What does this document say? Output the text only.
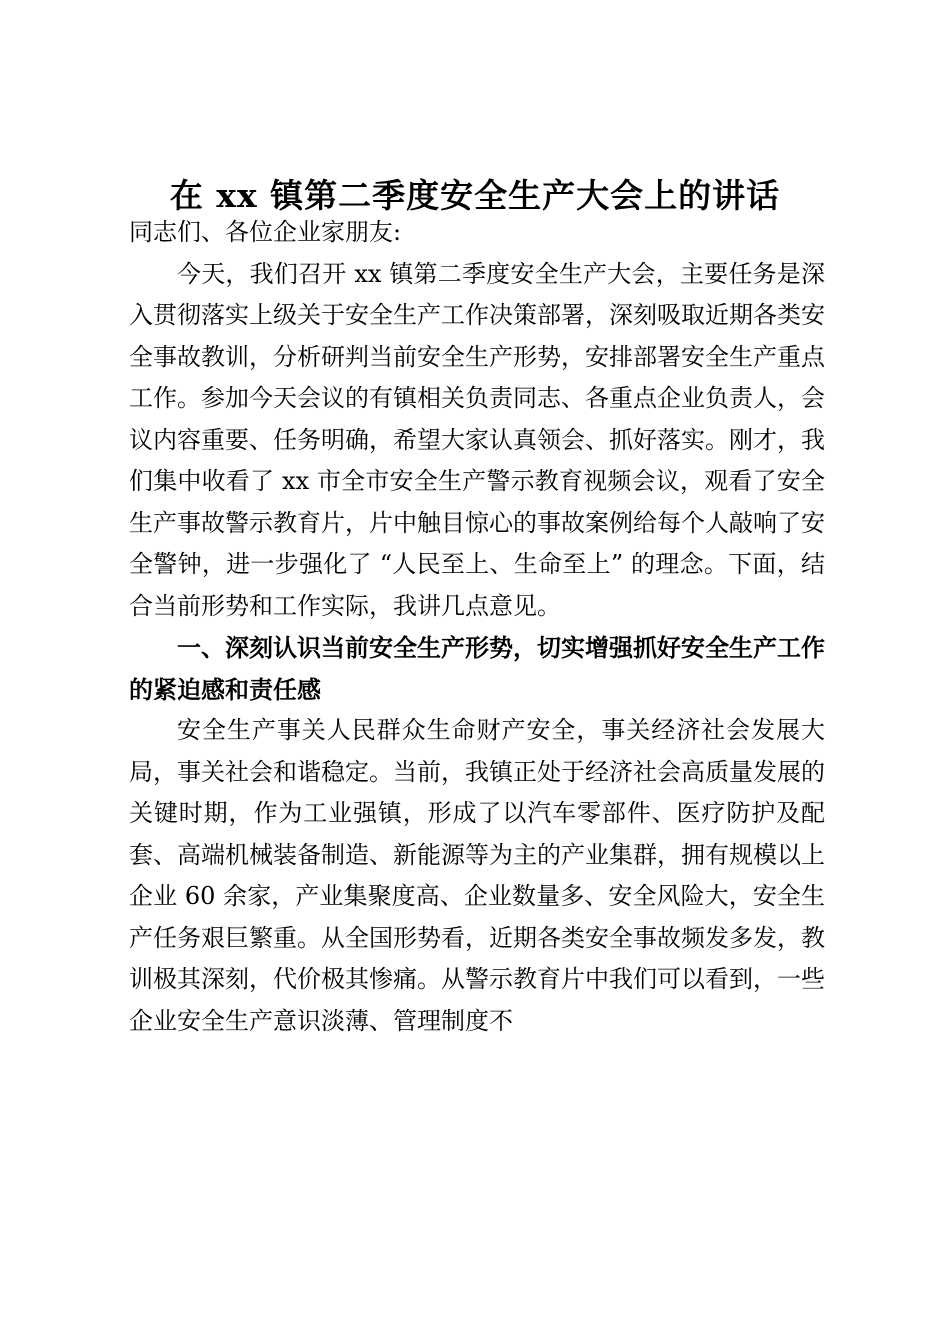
在 xx 镇第二季度安全生产大会上的讲话

同志们、各位企业家朋友:

今天，我们召开 xx 镇第二季度安全生产大会，主要任务是深入贯彻落实上级关于安全生产工作决策部署，深刻吸取近期各类安全事故教训，分析研判当前安全生产形势，安排部署安全生产重点工作。参加今天会议的有镇相关负责同志、各重点企业负责人，会议内容重要、任务明确，希望大家认真领会、抓好落实。刚才，我们集中收看了 xx 市全市安全生产警示教育视频会议，观看了安全生产事故警示教育片，片中触目惊心的事故案例给每个人敲响了安全警钟，进一步强化了 “人民至上、生命至上” 的理念。下面，结合当前形势和工作实际，我讲几点意见。

一、深刻认识当前安全生产形势，切实增强抓好安全生产工作的紧迫感和责任感

安全生产事关人民群众生命财产安全，事关经济社会发展大局，事关社会和谐稳定。当前，我镇正处于经济社会高质量发展的关键时期，作为工业强镇，形成了以汽车零部件、医疗防护及配套、高端机械装备制造、新能源等为主的产业集群，拥有规模以上企业 60 余家，产业集聚度高、企业数量多、安全风险大，安全生产任务艰巨繁重。从全国形势看，近期各类安全事故频发多发，教训极其深刻，代价极其惨痛。从警示教育片中我们可以看到，一些企业安全生产意识淡薄、管理制度不
